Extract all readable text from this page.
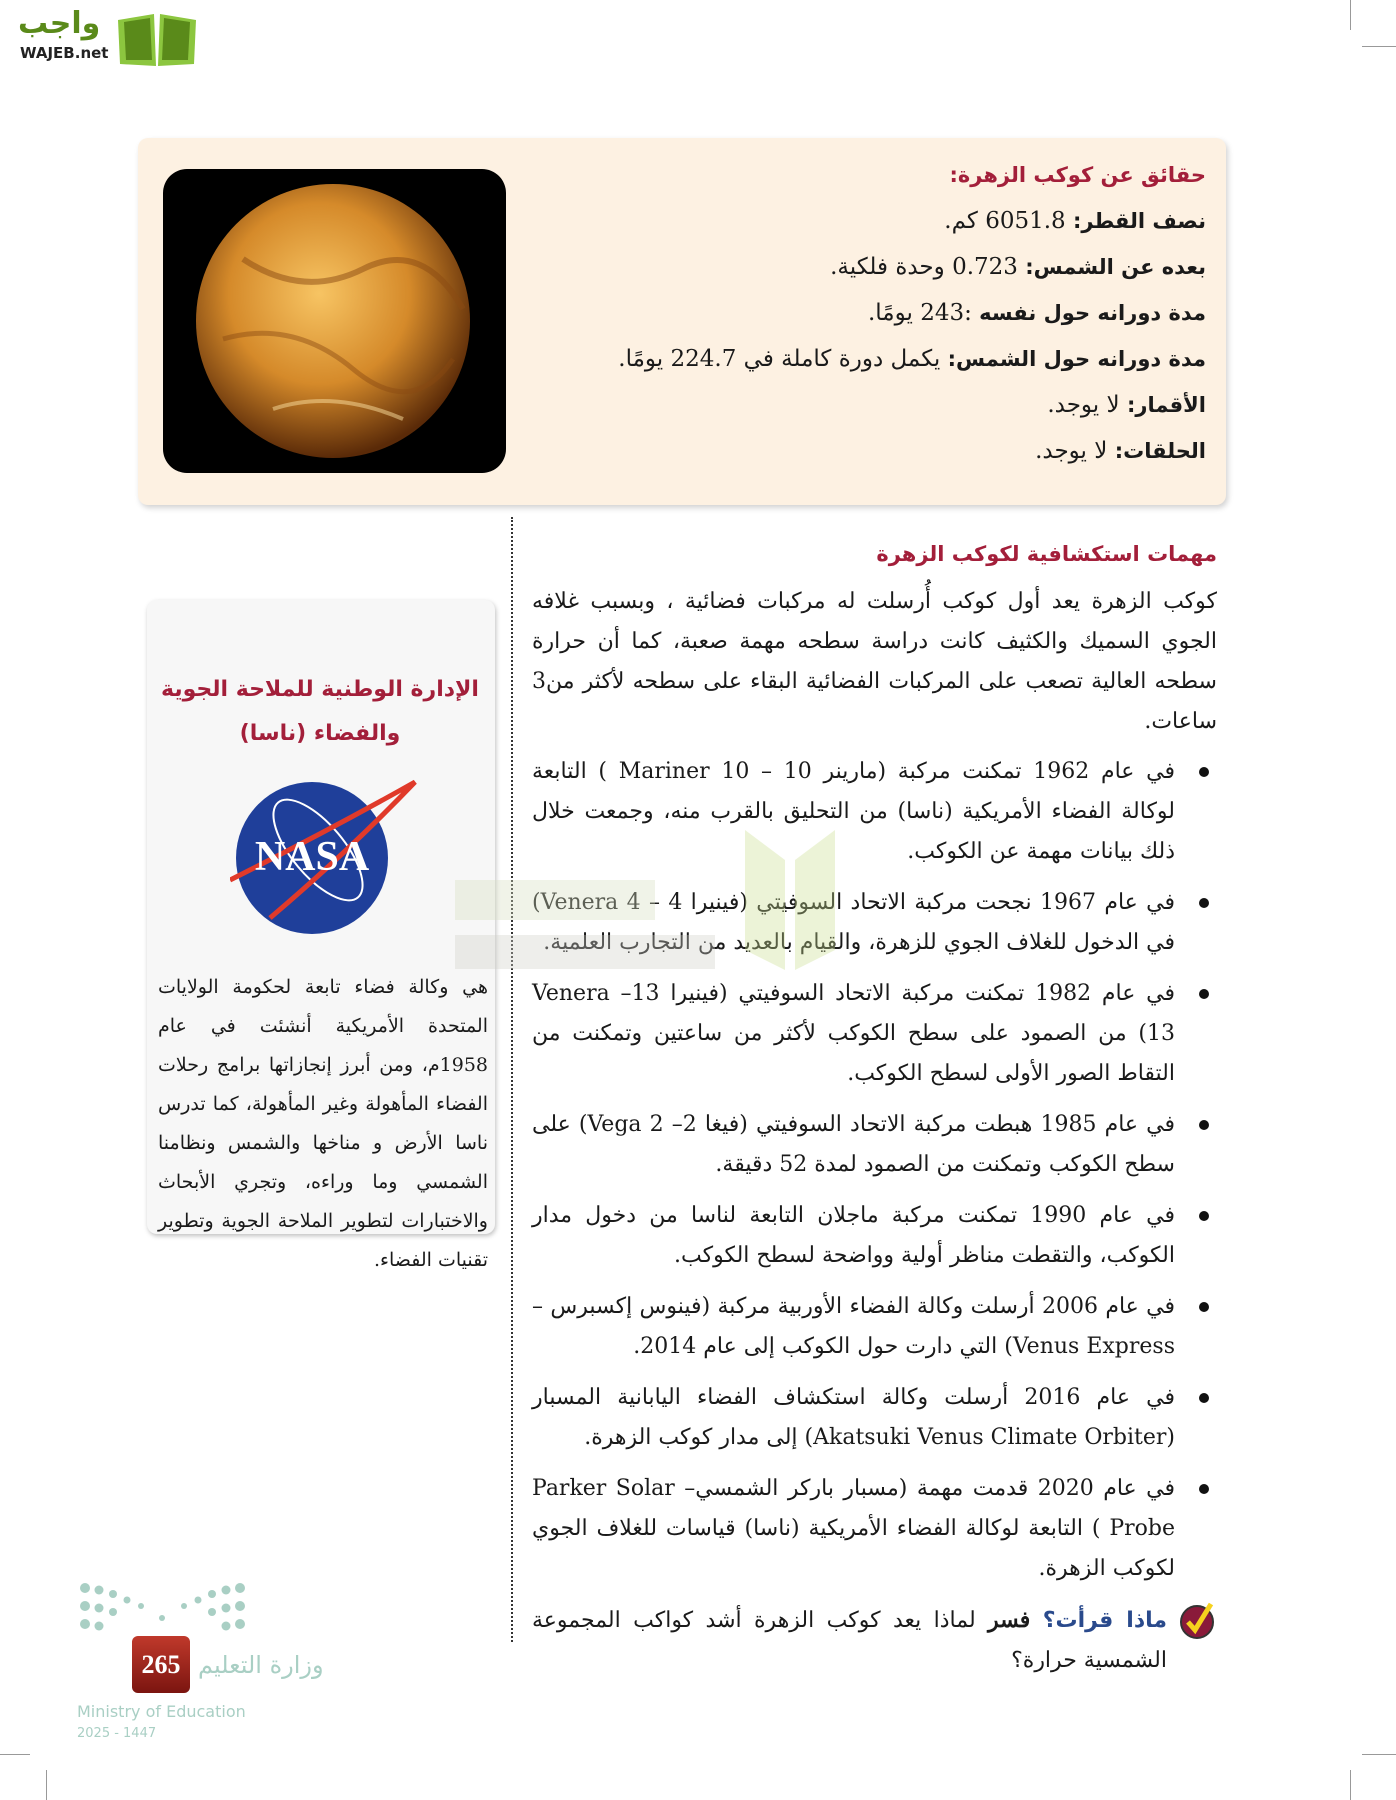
واجب
WAJEB.net
حقائق عن كوكب الزهرة:
نصف القطر: 6051.8 كم.
بعده عن الشمس: 0.723 وحدة فلكية.
مدة دورانه حول نفسه :243 يومًا.
مدة دورانه حول الشمس: يكمل دورة كاملة في 224.7 يومًا.
الأقمار: لا يوجد.
الحلقات: لا يوجد.
مهمات استكشافية لكوكب الزهرة

كوكب الزهرة يعد أول كوكب أُرسلت له مركبات فضائية ، وبسبب غلافه الجوي السميك والكثيف كانت دراسة سطحه مهمة صعبة، كما أن حرارة سطحه العالية تصعب على المركبات الفضائية البقاء على سطحه لأكثر من3 ساعات.

في عام 1962 تمكنت مركبة (مارينر 10 – Mariner 10 ) التابعة لوكالة الفضاء الأمريكية (ناسا) من التحليق بالقرب منه، وجمعت خلال ذلك بيانات مهمة عن الكوكب.
في عام 1967 نجحت مركبة الاتحاد السوفيتي (فينيرا 4 – Venera 4) في الدخول للغلاف الجوي للزهرة، والقيام بالعديد من التجارب العلمية.
في عام 1982 تمكنت مركبة الاتحاد السوفيتي (فينيرا 13– Venera 13) من الصمود على سطح الكوكب لأكثر من ساعتين وتمكنت من التقاط الصور الأولى لسطح الكوكب.
في عام 1985 هبطت مركبة الاتحاد السوفيتي (فيغا 2– Vega 2) على سطح الكوكب وتمكنت من الصمود لمدة 52 دقيقة.
في عام 1990 تمكنت مركبة ماجلان التابعة لناسا من دخول مدار الكوكب، والتقطت مناظر أولية وواضحة لسطح الكوكب.
في عام 2006 أرسلت وكالة الفضاء الأوربية مركبة (فينوس إكسبرس –Venus Express) التي دارت حول الكوكب إلى عام 2014.
في عام 2016 أرسلت وكالة استكشاف الفضاء اليابانية المسبار (Akatsuki Venus Climate Orbiter) إلى مدار كوكب الزهرة.
في عام 2020 قدمت مهمة (مسبار باركر الشمسي– Parker Solar Probe ) التابعة لوكالة الفضاء الأمريكية (ناسا) قياسات للغلاف الجوي لكوكب الزهرة.
ماذا قرأت؟ فسر لماذا يعد كوكب الزهرة أشد كواكب المجموعة الشمسية حرارة؟
الإدارة الوطنية للملاحة الجوية والفضاء (ناسا)
NASA
هي وكالة فضاء تابعة لحكومة الولايات المتحدة الأمريكية أنشئت في عام 1958م، ومن أبرز إنجازاتها برامج رحلات الفضاء المأهولة وغير المأهولة، كما تدرس ناسا الأرض و مناخها والشمس ونظامنا الشمسي وما وراءه، وتجري الأبحاث والاختبارات لتطوير الملاحة الجوية وتطوير تقنيات الفضاء.
265 وزارة التعليم
Ministry of Education
2025 - 1447
